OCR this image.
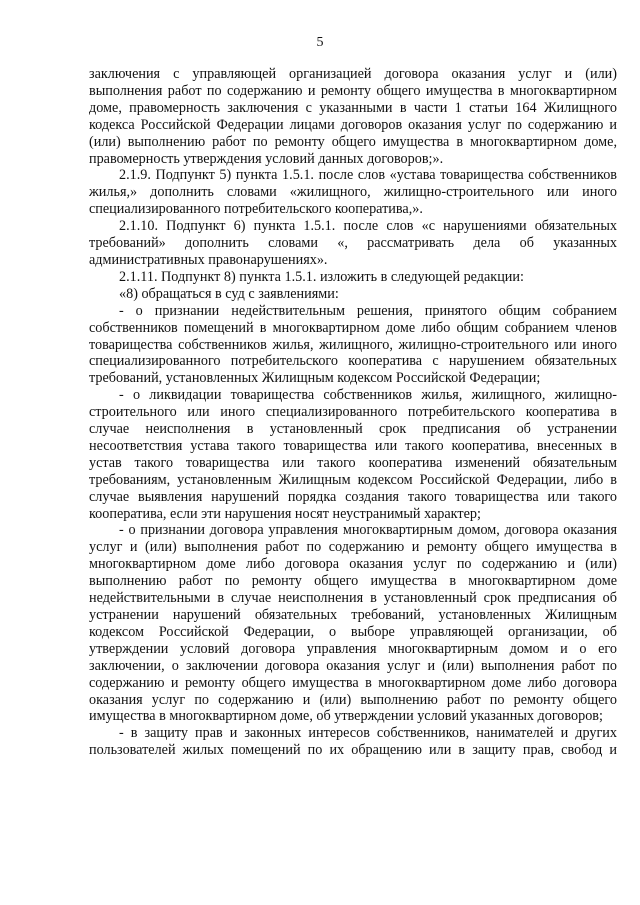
5

заключения с управляющей организацией договора оказания услуг и (или) выполнения работ по содержанию и ремонту общего имущества в многоквартирном доме, правомерность заключения с указанными в части 1 статьи 164 Жилищного кодекса Российской Федерации лицами договоров оказания услуг по содержанию и (или) выполнению работ по ремонту общего имущества в многоквартирном доме, правомерность утверждения условий данных договоров;».

2.1.9. Подпункт 5) пункта 1.5.1. после слов «устава товарищества собственников жилья,» дополнить словами «жилищного, жилищно-строительного или иного специализированного потребительского кооператива,».

2.1.10. Подпункт 6) пункта 1.5.1. после слов «с нарушениями обязательных требований» дополнить словами «, рассматривать дела об указанных административных правонарушениях».

2.1.11. Подпункт 8) пункта 1.5.1. изложить в следующей редакции:

«8) обращаться в суд с заявлениями:

- о признании недействительным решения, принятого общим собранием собственников помещений в многоквартирном доме либо общим собранием членов товарищества собственников жилья, жилищного, жилищно-строительного или иного специализированного потребительского кооператива с нарушением обязательных требований, установленных Жилищным кодексом Российской Федерации;

- о ликвидации товарищества собственников жилья, жилищного, жилищно-строительного или иного специализированного потребительского кооператива в случае неисполнения в установленный срок предписания об устранении несоответствия устава такого товарищества или такого кооператива, внесенных в устав такого товарищества или такого кооператива изменений обязательным требованиям, установленным Жилищным кодексом Российской Федерации, либо в случае выявления нарушений порядка создания такого товарищества или такого кооператива, если эти нарушения носят неустранимый характер;

- о признании договора управления многоквартирным домом, договора оказания услуг и (или) выполнения работ по содержанию и ремонту общего имущества в многоквартирном доме либо договора оказания услуг по содержанию и (или) выполнению работ по ремонту общего имущества в многоквартирном доме недействительными в случае неисполнения в установленный срок предписания об устранении нарушений обязательных требований, установленных Жилищным кодексом Российской Федерации, о выборе управляющей организации, об утверждении условий договора управления многоквартирным домом и о его заключении, о заключении договора оказания услуг и (или) выполнения работ по содержанию и ремонту общего имущества в многоквартирном доме либо договора оказания услуг по содержанию и (или) выполнению работ по ремонту общего имущества в многоквартирном доме, об утверждении условий указанных договоров;

- в защиту прав и законных интересов собственников, нанимателей и других пользователей жилых помещений по их обращению или в защиту прав, свобод и
